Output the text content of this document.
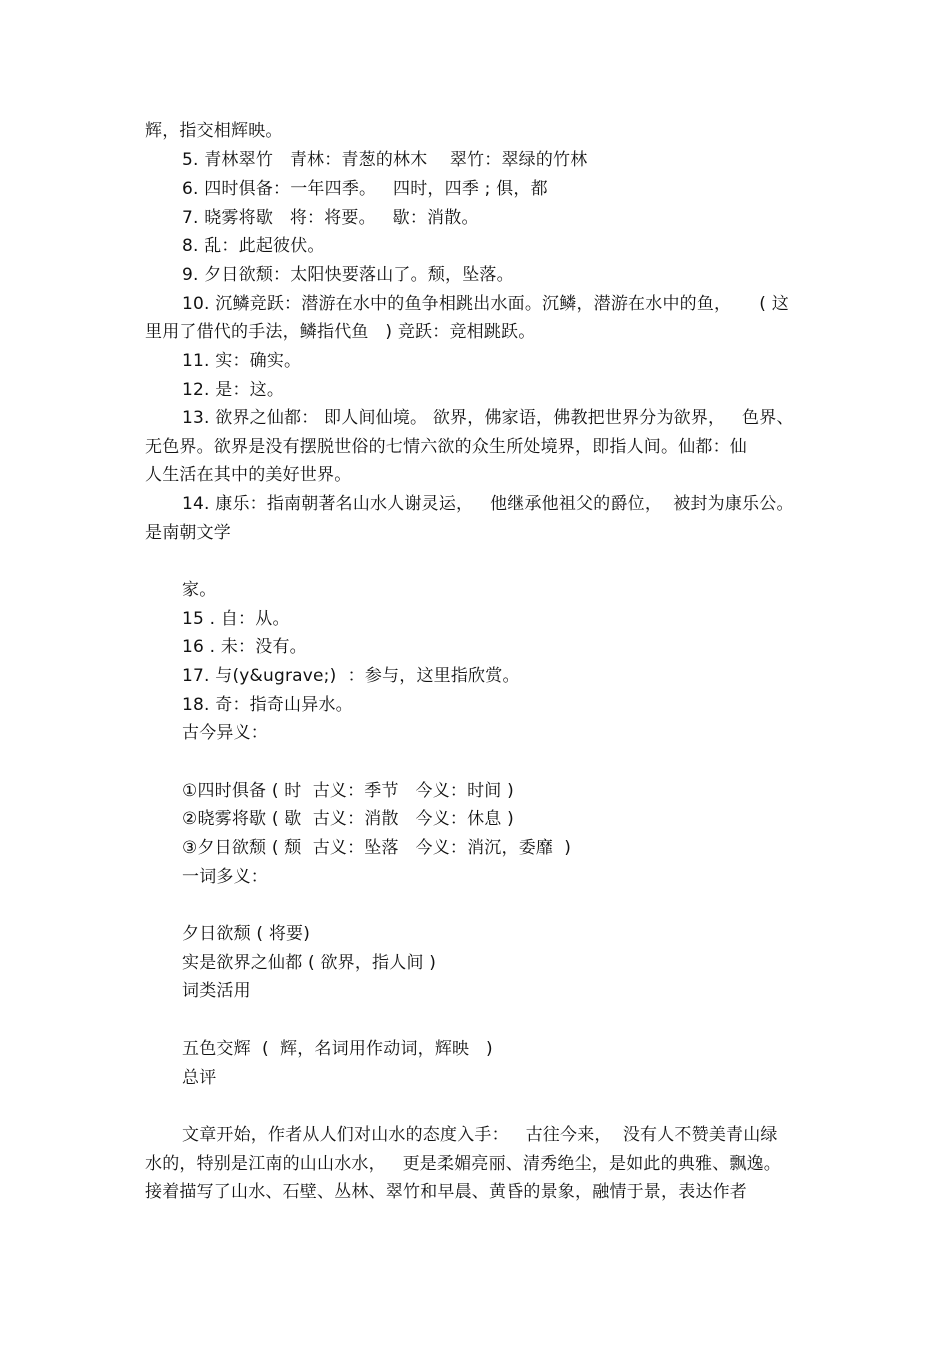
辉，指交相辉映。

5. 青林翠竹   青林：青葱的林木    翠竹：翠绿的竹林

6. 四时俱备：一年四季。   四时，四季 ; 俱，都

7. 晓雾将歇   将：将要。   歇：消散。

8. 乱：此起彼伏。

9. 夕日欲颓：太阳快要落山了。颓，坠落。

10. 沉鳞竞跃：潜游在水中的鱼争相跳出水面。沉鳞，潜游在水中的鱼，     ( 这

里用了借代的手法，鳞指代鱼   ) 竞跃：竞相跳跃。

11. 实：确实。

12. 是：这。

13. 欲界之仙都： 即人间仙境。 欲界，佛家语，佛教把世界分为欲界，   色界、

无色界。欲界是没有摆脱世俗的七情六欲的众生所处境界，即指人间。仙都：仙

人生活在其中的美好世界。

14. 康乐：指南朝著名山水人谢灵运，   他继承他祖父的爵位，  被封为康乐公。

是南朝文学

家。

15 . 自：从。

16 . 未：没有。

17. 与(y&ugrave;)  ：参与，这里指欣赏。

18. 奇：指奇山异水。

古今异义：

①四时俱备 ( 时  古义：季节   今义：时间 )

②晓雾将歇 ( 歇  古义：消散   今义：休息 )

③夕日欲颓 ( 颓  古义：坠落   今义：消沉，委靡  )

一词多义：

夕日欲颓 ( 将要)

实是欲界之仙都 ( 欲界，指人间 )

词类活用

五色交辉  (  辉，名词用作动词，辉映   )

总评

文章开始，作者从人们对山水的态度入手：   古往今来，  没有人不赞美青山绿

水的，特别是江南的山山水水，   更是柔媚亮丽、清秀绝尘，是如此的典雅、飘逸。

接着描写了山水、石壁、丛林、翠竹和早晨、黄昏的景象，融情于景，表达作者
